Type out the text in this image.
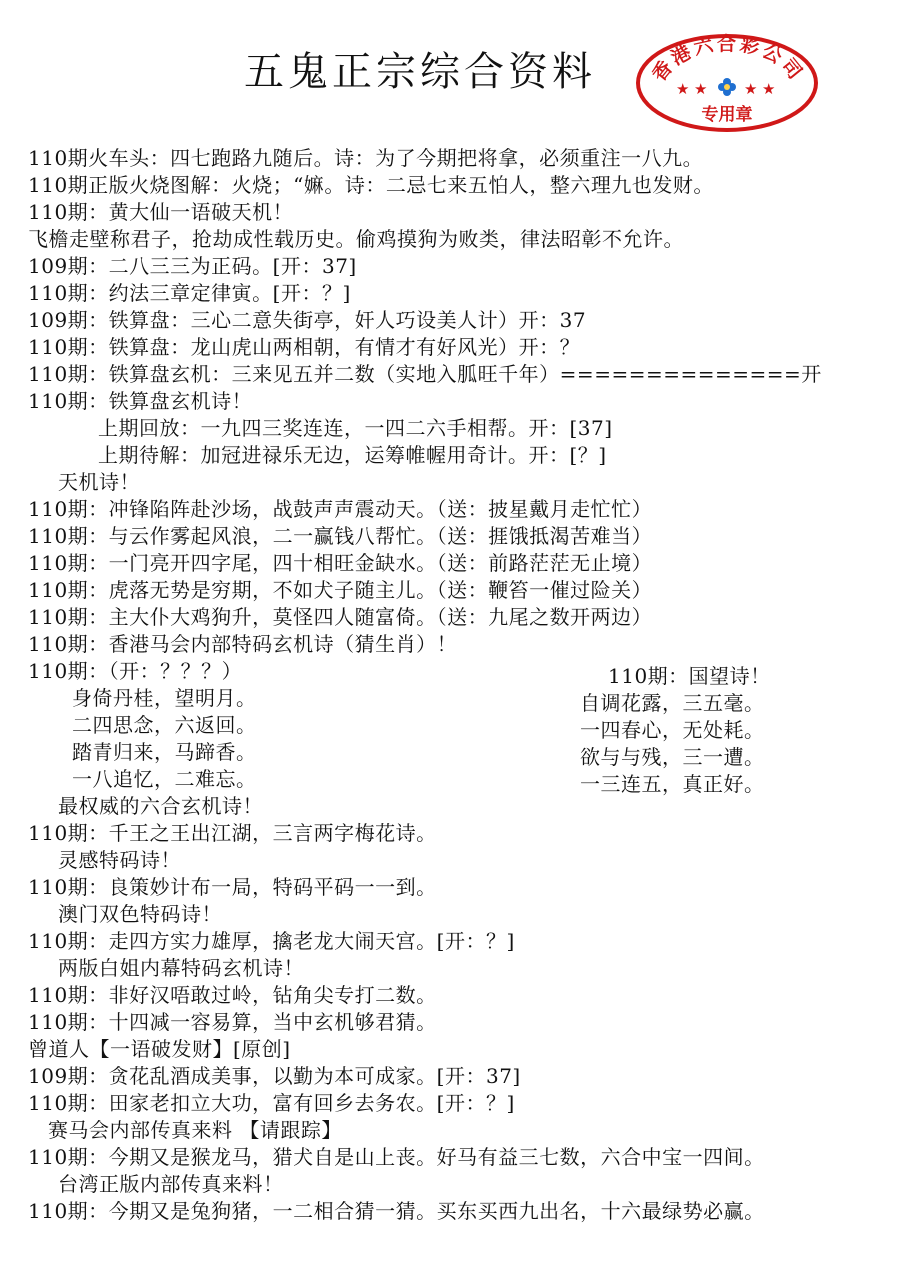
五鬼正宗综合资料	香港六合彩公司
★ ★ ★ ★
专用章
110期火车头：四七跑路九随后。诗：为了今期把将拿，必须重注一八九。
110期正版火烧图解：火烧；“嫲。诗：二忌七来五怕人，整六理九也发财。
110期：黄大仙一语破天机！
飞檐走壁称君子，抢劫成性载历史。偷鸡摸狗为败类，律法昭彰不允许。
109期：二八三三为正码。[开：37]
110期：约法三章定律寅。[开：？]
109期：铁算盘：三心二意失街亭，奸人巧设美人计）开：37
110期：铁算盘：龙山虎山两相朝，有情才有好风光）开：？
110期：铁算盘玄机：三来见五并二数（实地入胍旺千年）==============开
110期：铁算盘玄机诗！
上期回放：一九四三奖连连，一四二六手相帮。开：[37]
上期待解：加冠进禄乐无边，运筹帷幄用奇计。开：[？]
天机诗！
110期：冲锋陷阵赴沙场，战鼓声声震动天。（送：披星戴月走忙忙）
110期：与云作雾起风浪，二一赢钱八帮忙。（送：捱饿抵渴苦难当）
110期：一门亮开四字尾，四十相旺金缺水。（送：前路茫茫无止境）
110期：虎落无势是穷期，不如犬子随主儿。（送：鞭笞一催过险关）
110期：主大仆大鸡狗升，莫怪四人随富倚。（送：九尾之数开两边）
110期：香港马会内部特码玄机诗（猜生肖）！
110期：（开：？？？）
身倚丹桂，望明月。
二四思念，六返回。
踏青归来，马蹄香。
一八追忆，二难忘。
110期：国望诗！
自调花露，三五毫。
一四春心，无处耗。
欲与与残，三一遭。
一三连五，真正好。
最权威的六合玄机诗！
110期：千王之王出江湖，三言两字梅花诗。
灵感特码诗！
110期：良策妙计布一局，特码平码一一到。
澳门双色特码诗！
110期：走四方实力雄厚，擒老龙大闹天宫。[开：？]
两版白姐内幕特码玄机诗！
110期：非好汉唔敢过岭，钻角尖专打二数。
110期：十四减一容易算，当中玄机够君猜。
曾道人【一语破发财】[原创]
109期：贪花乱酒成美事，以勤为本可成家。[开：37]
110期：田家老扣立大功，富有回乡去务农。[开：？]
赛马会内部传真来料 【请跟踪】
110期：今期又是猴龙马，猎犬自是山上丧。好马有益三七数，六合中宝一四间。
台湾正版内部传真来料！
110期：今期又是兔狗猪，一二相合猜一猜。买东买西九出名，十六最绿势必赢。
